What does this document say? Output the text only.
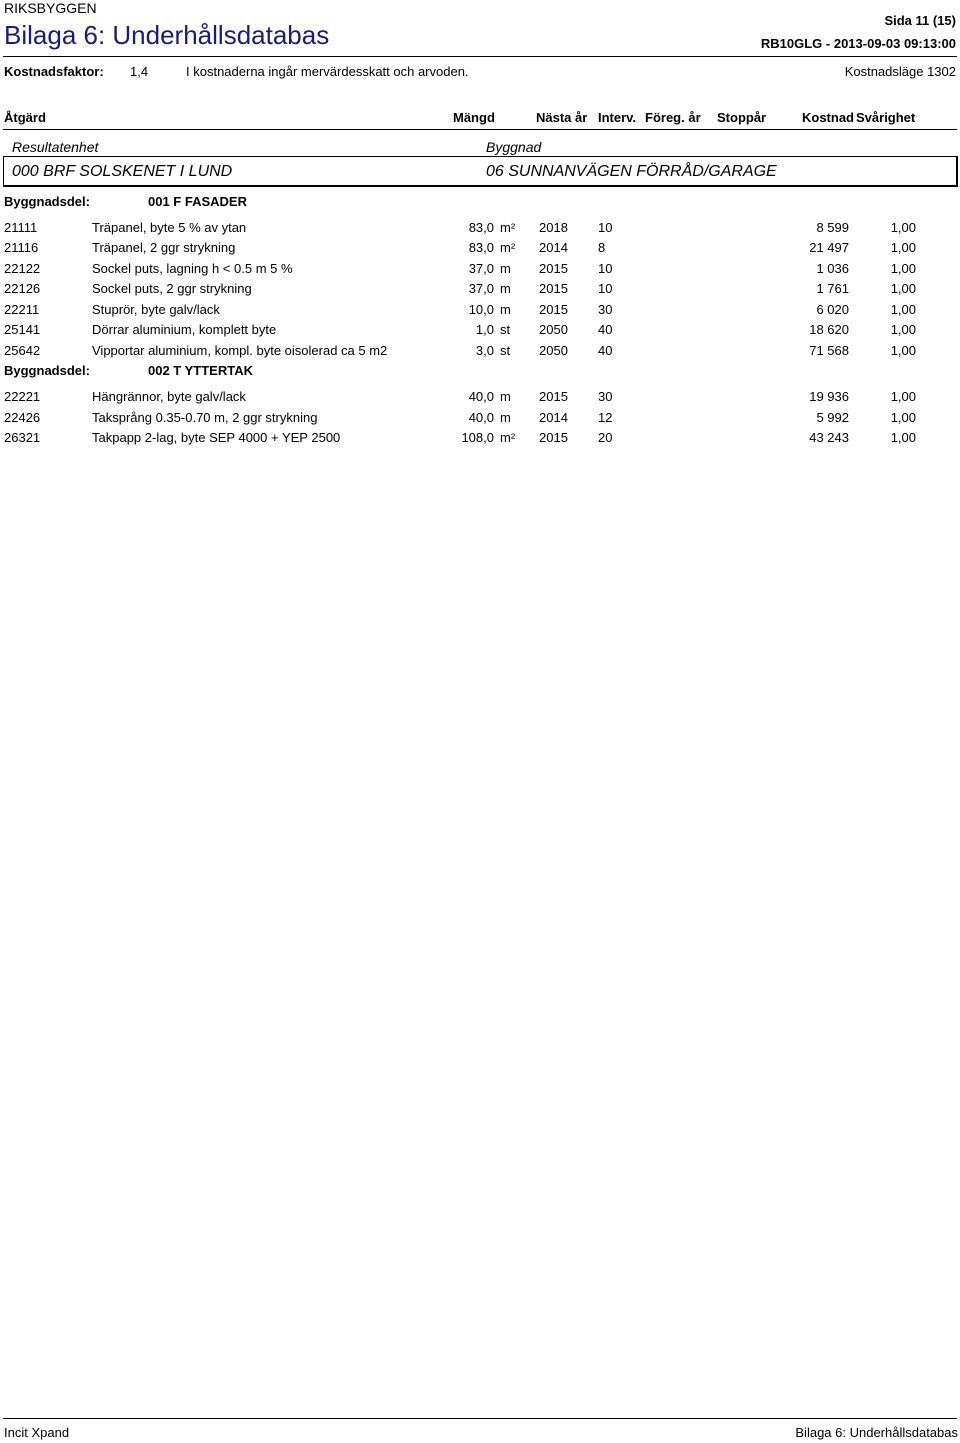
RIKSBYGGEN
Bilaga 6: Underhållsdatabas	Sida 11 (15)
RB10GLG - 2013-09-03 09:13:00
Kostnadsfaktor: 1,4	I kostnaderna ingår mervärdesskatt och arvoden.	Kostnadsläge 1302
Åtgärd	Mängd	Nästa år Interv. Föreg. år Stoppår	Kostnad Svårighet
Resultatenhet	Byggnad
000 BRF SOLSKENET I LUND	06 SUNNANVÄGEN FÖRRÅD/GARAGE
Byggnadsdel:	001 F FASADER
21111	Träpanel, byte 5 % av ytan	83,0 m² 2018 10	8 599	1,00
21116	Träpanel, 2 ggr strykning	83,0 m² 2014 8	21 497	1,00
22122	Sockel puts, lagning h < 0.5 m 5 %	37,0 m 2015 10	1 036	1,00
22126	Sockel puts, 2 ggr strykning	37,0 m 2015 10	1 761	1,00
22211	Stuprör, byte galv/lack	10,0 m 2015 30	6 020	1,00
25141	Dörrar aluminium, komplett byte	1,0 st 2050 40	18 620	1,00
25642	Vipportar aluminium, kompl. byte oisolerad ca 5 m2	3,0 st 2050 40	71 568	1,00
Byggnadsdel:	002 T YTTERTAK
22221	Hängrännor, byte galv/lack	40,0 m 2015 30	19 936	1,00
22426	Taksprång 0.35-0.70 m, 2 ggr strykning	40,0 m 2014 12	5 992	1,00
26321	Takpapp 2-lag, byte SEP 4000 + YEP 2500	108,0 m² 2015 20	43 243	1,00
Incit Xpand	Bilaga 6: Underhållsdatabas
